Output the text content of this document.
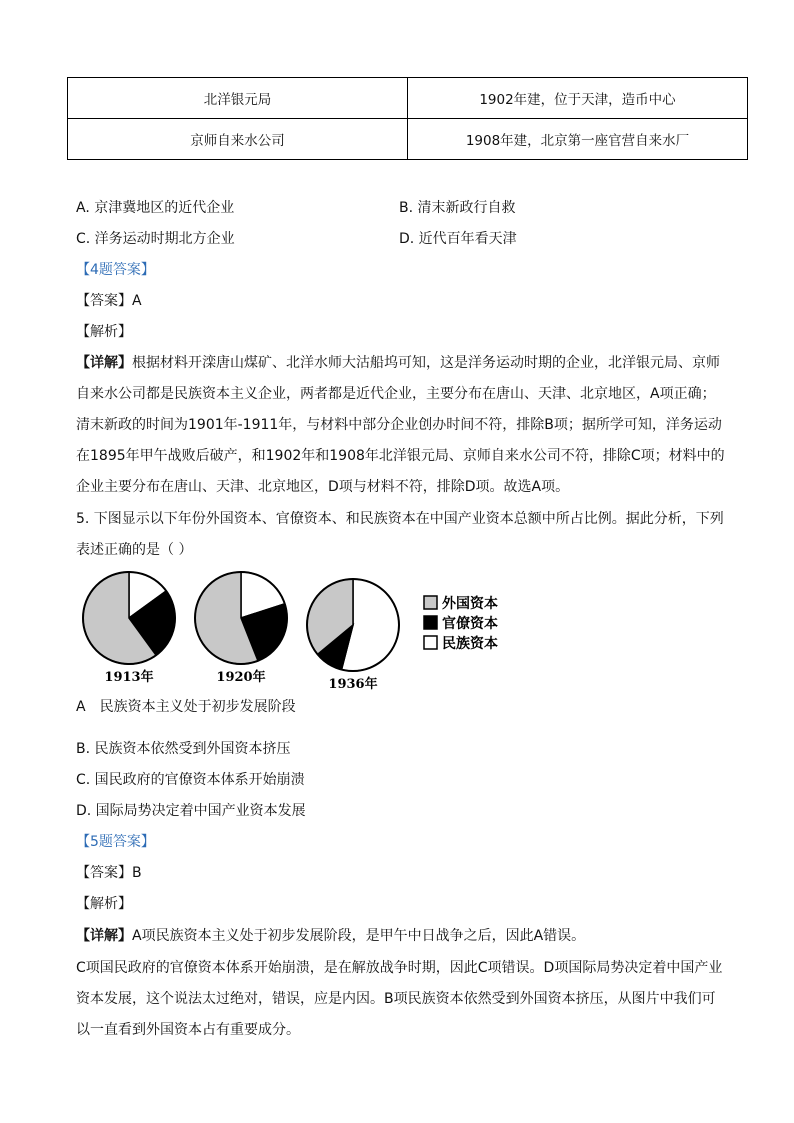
北洋银元局	1902年建，位于天津，造币中心
京师自来水公司	1908年建，北京第一座官营自来水厂
A. 京津冀地区的近代企业	B. 清末新政行自救
C. 洋务运动时期北方企业	D. 近代百年看天津
【4题答案】
【答案】A
【解析】

【详解】根据材料开滦唐山煤矿、北洋水师大沽船坞可知，这是洋务运动时期的企业，北洋银元局、京师自来水公司都是民族资本主义企业，两者都是近代企业，主要分布在唐山、天津、北京地区，A项正确；清末新政的时间为1901年-1911年，与材料中部分企业创办时间不符，排除B项；据所学可知，洋务运动在1895年甲午战败后破产，和1902年和1908年北洋银元局、京师自来水公司不符，排除C项；材料中的企业主要分布在唐山、天津、北京地区，D项与材料不符，排除D项。故选A项。

5. 下图显示以下年份外国资本、官僚资本、和民族资本在中国产业资本总额中所占比例。据此分析，下列表述正确的是（ ）
1913年	1920年	1936年
外国资本
官僚资本
民族资本
A　民族资本主义处于初步发展阶段
B. 民族资本依然受到外国资本挤压
C. 国民政府的官僚资本体系开始崩溃
D. 国际局势决定着中国产业资本发展
【5题答案】
【答案】B
【解析】
【详解】A项民族资本主义处于初步发展阶段，是甲午中日战争之后，因此A错误。
C项国民政府的官僚资本体系开始崩溃，是在解放战争时期，因此C项错误。D项国际局势决定着中国产业资本发展，这个说法太过绝对，错误，应是内因。B项民族资本依然受到外国资本挤压，从图片中我们可以一直看到外国资本占有重要成分。
